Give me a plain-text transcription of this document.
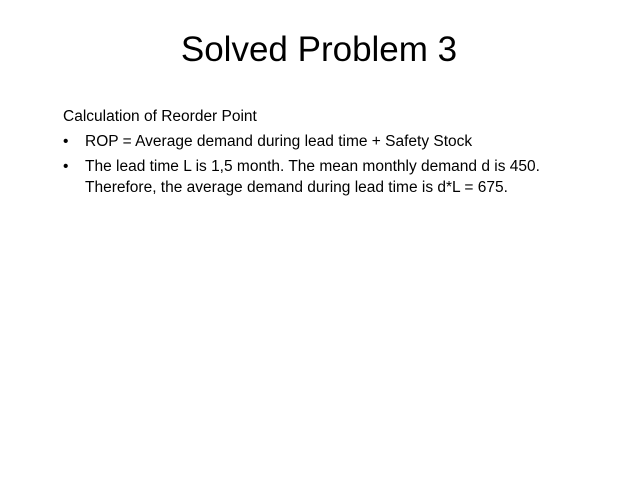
Solved Problem 3

Calculation of Reorder Point

• ROP = Average demand during lead time + Safety Stock
• The lead time L is 1,5 month. The mean monthly demand d is 450. Therefore, the average demand during lead time is d*L = 675.
